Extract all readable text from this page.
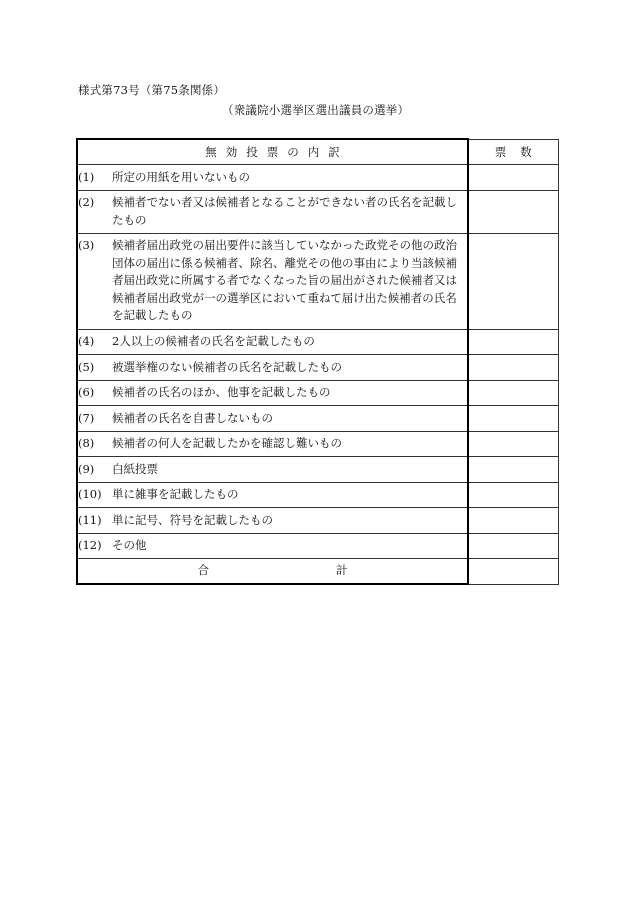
様式第73号（第75条関係）
（衆議院小選挙区選出議員の選挙）
無効投票の内訳	票数

(1) 所定の用紙を用いないもの	

(2) 候補者でない者又は候補者となることができない者の氏名を記載したもの	

(3) 候補者届出政党の届出要件に該当していなかった政党その他の政治団体の届出に係る候補者、除名、離党その他の事由により当該候補者届出政党に所属する者でなくなった旨の届出がされた候補者又は候補者届出政党が一の選挙区において重ねて届け出た候補者の氏名を記載したもの	

(4) 2人以上の候補者の氏名を記載したもの	

(5) 被選挙権のない候補者の氏名を記載したもの	

(6) 候補者の氏名のほか、他事を記載したもの	

(7) 候補者の氏名を自書しないもの	

(8) 候補者の何人を記載したかを確認し難いもの	

(9) 白紙投票	

(10) 単に雑事を記載したもの	

(11) 単に記号、符号を記載したもの	

(12) その他	

合 計	
